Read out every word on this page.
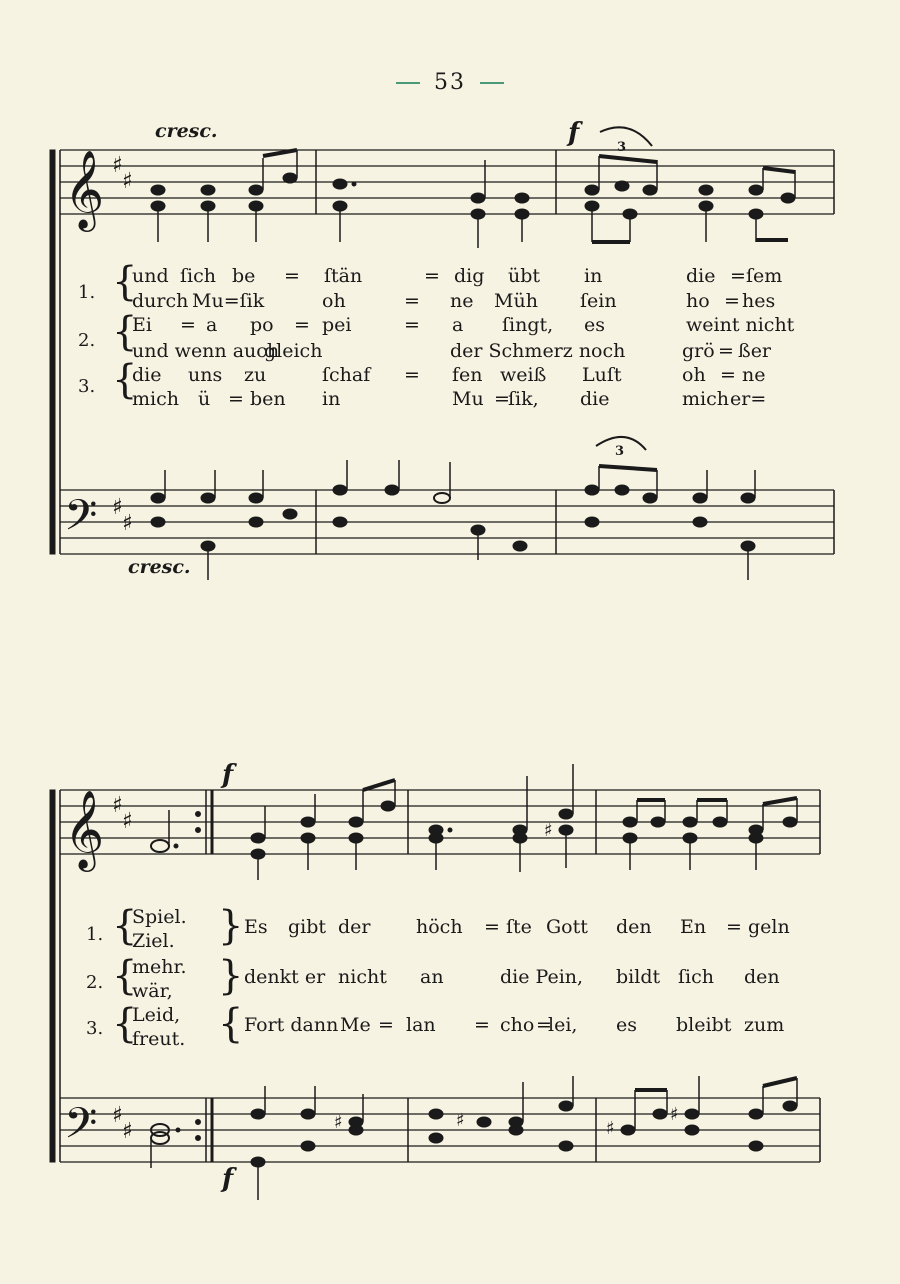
53
cresc.	f
cresc.
f
f
3
3
𝄞 ♯
♯
𝄢 ♯
♯
𝄞 ♯
♯
𝄢 ♯
♯
♯
♯	♯	♯
♯
1. {
und ſich be = ſtän	= dig übt in	die = ſem
durch Mu=ſik	oh	= ne Müh ſein	ho = hes
2. {
Ei = a po = pei	= a ſingt, es	weint nicht
und wenn auch
gleich	der Schmerz noch	grö = ßer
3. {
die uns zu	ſchaf = fen weiß Luſt	oh = ne
mich ü = ben in	Mu =
ſik, die	mich er=
1. {
Spiel.
Ziel. } Es gibt der höch = ſte Gott den En = geln
2. {
mehr.
wär, } denkt er nicht an	die Pein, bildt ſich den
3. {
Leid,
freut. { Fort dann Me = lan = cho =
lei, es bleibt zum
